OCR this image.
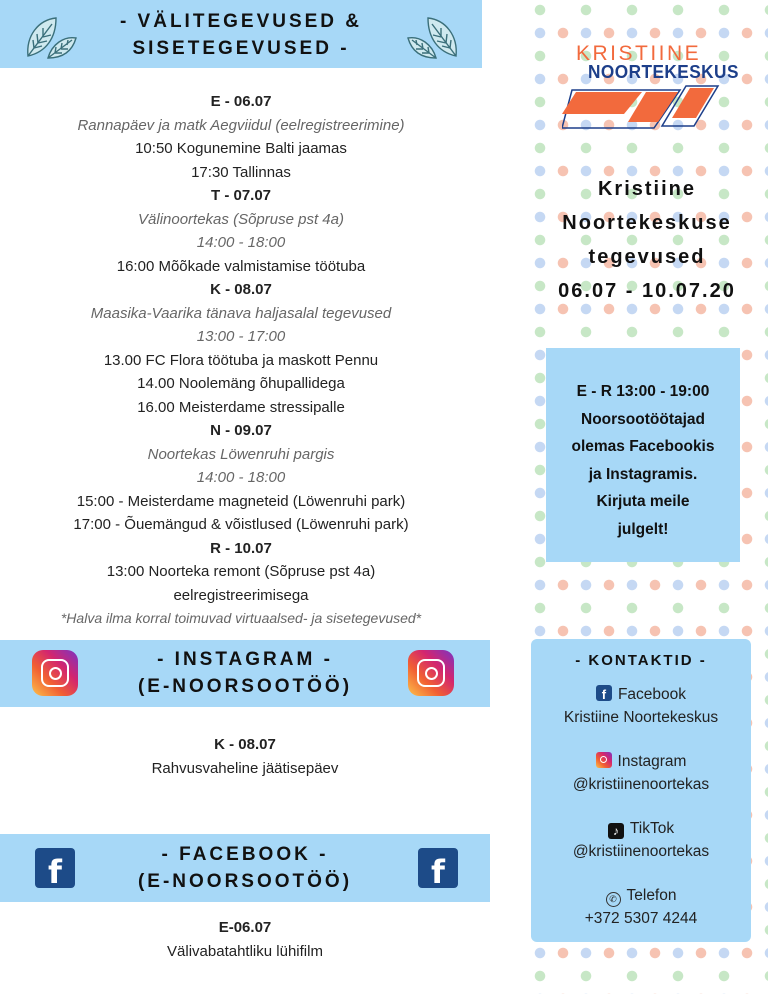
- VÄLITEGEVUSED &
SISETEGEVUSED -
E - 06.07
Rannapäev ja matk Aegviidul (eelregistreerimine)
10:50 Kogunemine Balti jaamas
17:30 Tallinnas
T - 07.07
Välinoortekas (Sõpruse pst 4a)
14:00 - 18:00
16:00 Mõõkade valmistamise töötuba
K - 08.07
Maasika-Vaarika tänava haljasalal tegevused
13:00 - 17:00
13.00 FC Flora töötuba ja maskott Pennu
14.00 Noolemäng õhupallidega
16.00 Meisterdame stressipalle
N - 09.07
Noortekas Löwenruhi pargis
14:00 - 18:00
15:00 - Meisterdame magneteid (Löwenruhi park)
17:00 - Õuemängud & võistlused (Löwenruhi park)
R - 10.07
13:00 Noorteka remont (Sõpruse pst 4a)
eelregistreerimisega
*Halva ilma korral toimuvad virtuaalsed- ja sisetegevused*
- INSTAGRAM -
(E-NOORSOOTÖÖ)
K - 08.07
Rahvusvaheline jäätisepäev
f	- FACEBOOK -
(E-NOORSOOTÖÖ)	f
E-06.07
Välivabatahtliku lühifilm
KRISTIINE
NOORTEKESKUS
Kristiine
Noortekeskuse
tegevused
06.07 - 10.07.20
E - R 13:00 - 19:00
Noorsootöötajad
olemas Facebookis
ja Instagramis.
Kirjuta meile
julgelt!
- KONTAKTID -
f Facebook
Kristiine Noortekeskus
Instagram
@kristiinenoortekas
♪ TikTok
@kristiinenoortekas
✆ Telefon
+372 5307 4244
